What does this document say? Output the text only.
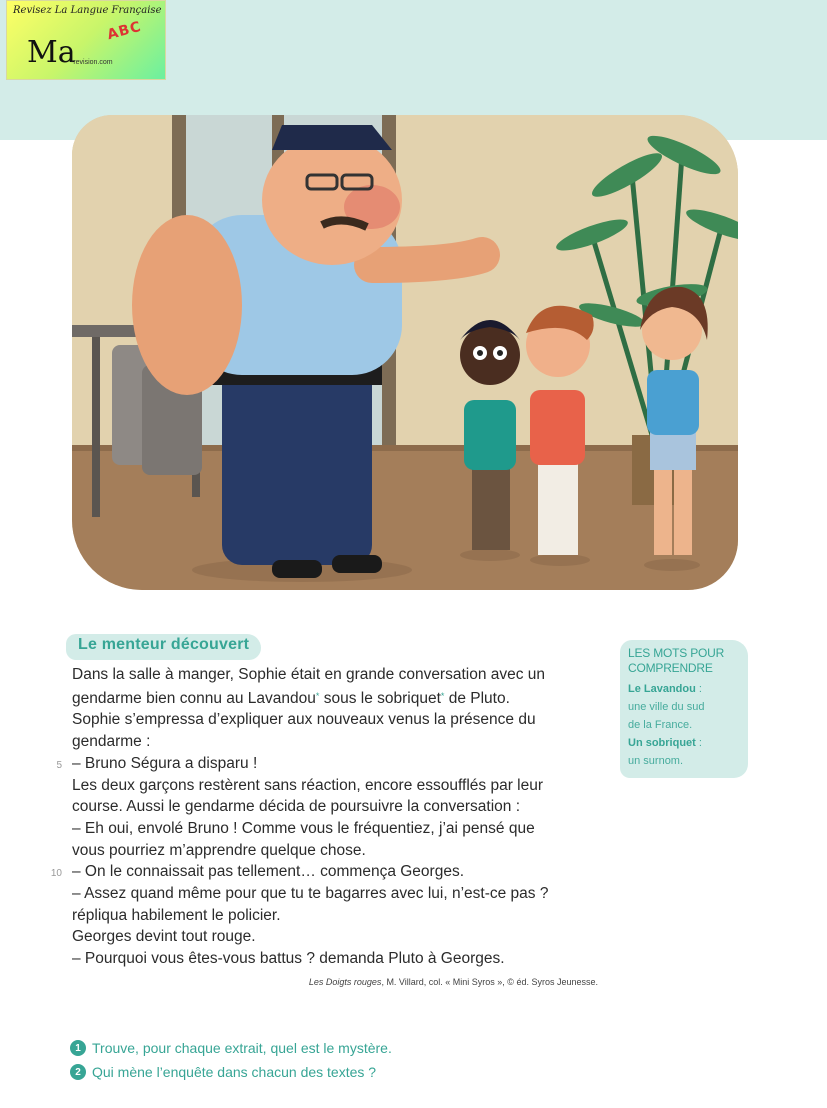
Revisez La Langue Française
Ma
ABC
-revision.com
Le menteur découvert

Dans la salle à manger, Sophie était en grande conversation avec un

gendarme bien connu au Lavandou* sous le sobriquet* de Pluto.

Sophie s’empressa d’expliquer aux nouveaux venus la présence du

gendarme :

5 – Bruno Ségura a disparu !

Les deux garçons restèrent sans réaction, encore essoufflés par leur

course. Aussi le gendarme décida de poursuivre la conversation :

– Eh oui, envolé Bruno ! Comme vous le fréquentiez, j’ai pensé que

vous pourriez m’apprendre quelque chose.

10 – On le connaissait pas tellement… commença Georges.

– Assez quand même pour que tu te bagarres avec lui, n’est-ce pas ?

répliqua habilement le policier.

Georges devint tout rouge.

– Pourquoi vous êtes-vous battus ? demanda Pluto à Georges.

Les Doigts rouges, M. Villard, col. « Mini Syros », © éd. Syros Jeunesse.
LES MOTS POUR
COMPRENDRE
Le Lavandou :
une ville du sud
de la France.
Un sobriquet :
un surnom.
1 Trouve, pour chaque extrait, quel est le mystère.
2 Qui mène l’enquête dans chacun des textes ?
